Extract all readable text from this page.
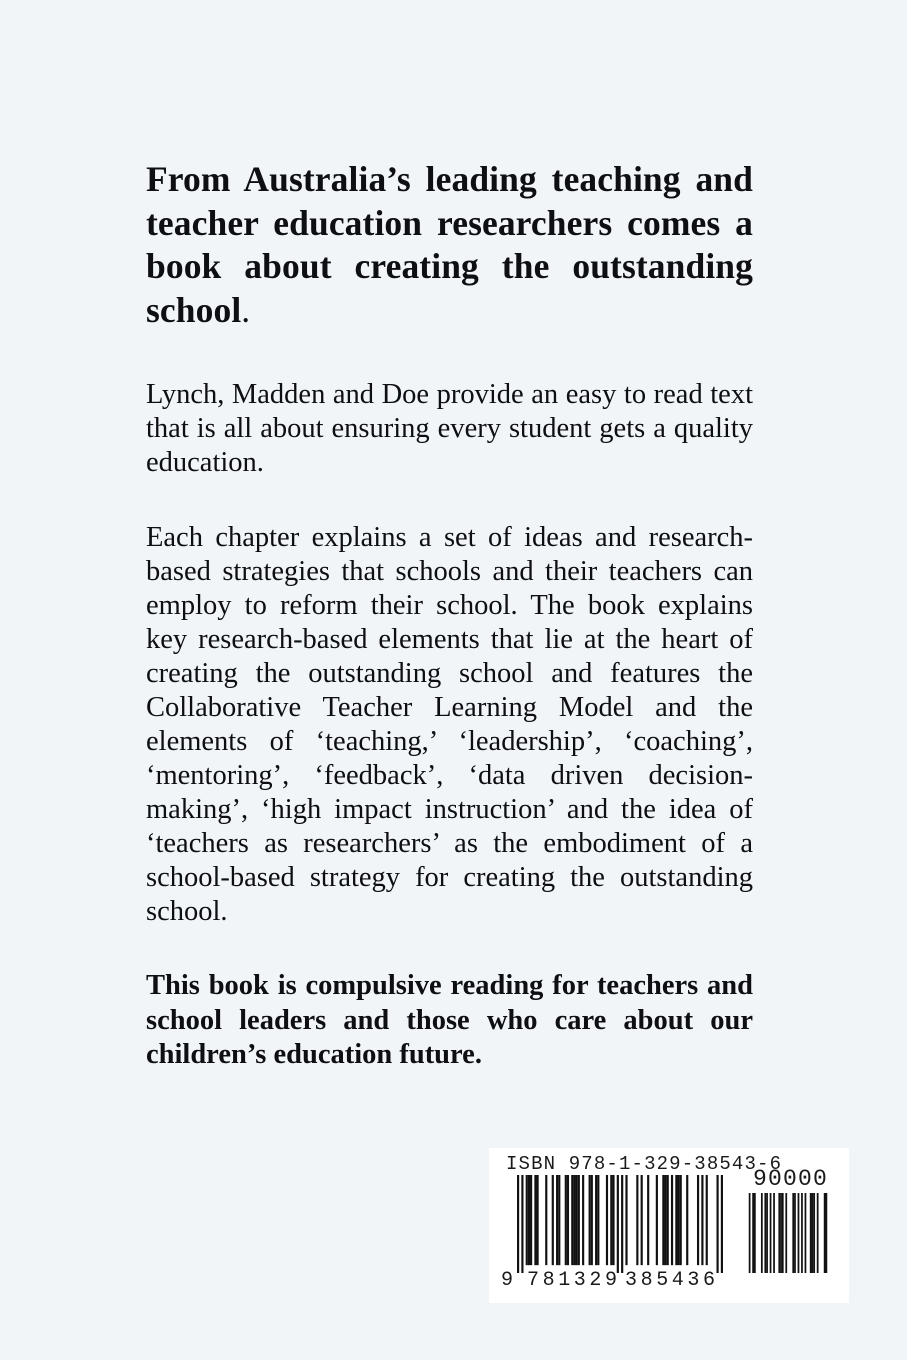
From Australia’s leading teaching and teacher education researchers comes a book about creating the outstanding school.

Lynch, Madden and Doe provide an easy to read text that is all about ensuring every student gets a quality education.

Each chapter explains a set of ideas and research-based strategies that schools and their teachers can employ to reform their school. The book explains key research-based elements that lie at the heart of creating the outstanding school and features the Collaborative Teacher Learning Model and the elements of ‘teaching,’ ‘leadership’, ‘coaching’, ‘mentoring’, ‘feedback’, ‘data driven decision-making’, ‘high impact instruction’ and the idea of ‘teachers as researchers’ as the embodiment of a school-based strategy for creating the outstanding school.

This book is compulsive reading for teachers and school leaders and those who care about our children’s education future.

ISBN 978-1-329-38543-6
90000
9 781329 385436
